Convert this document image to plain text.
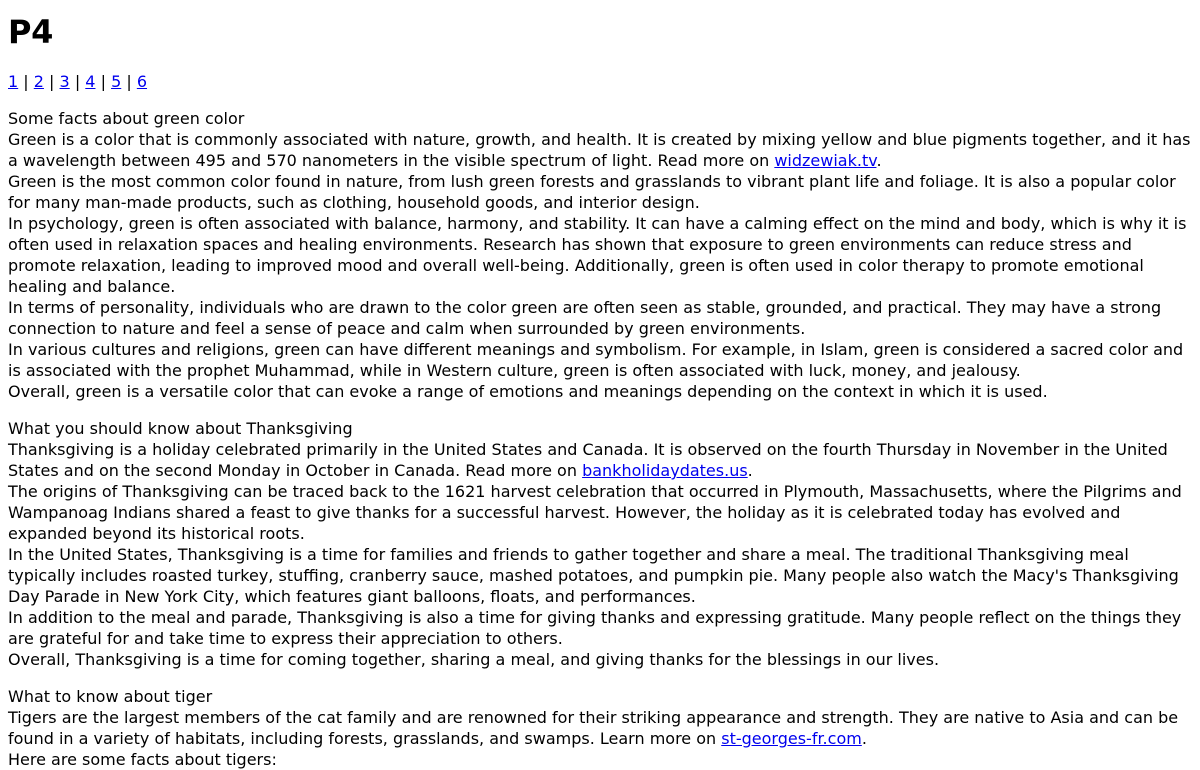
P4
1 | 2 | 3 | 4 | 5 | 6
Some facts about green color
Green is a color that is commonly associated with nature, growth, and health. It is created by mixing yellow and blue pigments together, and it has a wavelength between 495 and 570 nanometers in the visible spectrum of light. Read more on widzewiak.tv.
Green is the most common color found in nature, from lush green forests and grasslands to vibrant plant life and foliage. It is also a popular color for many man-made products, such as clothing, household goods, and interior design.
In psychology, green is often associated with balance, harmony, and stability. It can have a calming effect on the mind and body, which is why it is often used in relaxation spaces and healing environments. Research has shown that exposure to green environments can reduce stress and promote relaxation, leading to improved mood and overall well-being. Additionally, green is often used in color therapy to promote emotional healing and balance.
In terms of personality, individuals who are drawn to the color green are often seen as stable, grounded, and practical. They may have a strong connection to nature and feel a sense of peace and calm when surrounded by green environments.
In various cultures and religions, green can have different meanings and symbolism. For example, in Islam, green is considered a sacred color and is associated with the prophet Muhammad, while in Western culture, green is often associated with luck, money, and jealousy.
Overall, green is a versatile color that can evoke a range of emotions and meanings depending on the context in which it is used.
What you should know about Thanksgiving
Thanksgiving is a holiday celebrated primarily in the United States and Canada. It is observed on the fourth Thursday in November in the United States and on the second Monday in October in Canada. Read more on bankholidaydates.us.
The origins of Thanksgiving can be traced back to the 1621 harvest celebration that occurred in Plymouth, Massachusetts, where the Pilgrims and Wampanoag Indians shared a feast to give thanks for a successful harvest. However, the holiday as it is celebrated today has evolved and expanded beyond its historical roots.
In the United States, Thanksgiving is a time for families and friends to gather together and share a meal. The traditional Thanksgiving meal typically includes roasted turkey, stuffing, cranberry sauce, mashed potatoes, and pumpkin pie. Many people also watch the Macy's Thanksgiving Day Parade in New York City, which features giant balloons, floats, and performances.
In addition to the meal and parade, Thanksgiving is also a time for giving thanks and expressing gratitude. Many people reflect on the things they are grateful for and take time to express their appreciation to others.
Overall, Thanksgiving is a time for coming together, sharing a meal, and giving thanks for the blessings in our lives.
What to know about tiger
Tigers are the largest members of the cat family and are renowned for their striking appearance and strength. They are native to Asia and can be found in a variety of habitats, including forests, grasslands, and swamps. Learn more on st-georges-fr.com.
Here are some facts about tigers:
